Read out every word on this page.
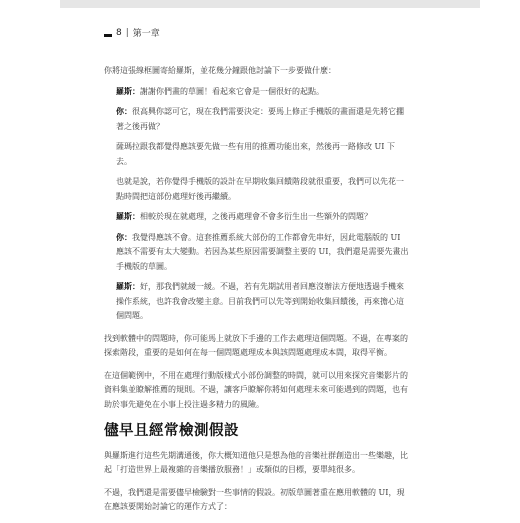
8 | 第一章

你將這張線框圖寄給羅斯，並花幾分鐘跟他討論下一步要做什麼：

羅斯：謝謝你們畫的草圖！看起來它會是一個很好的起點。

你：很高興你認可它，現在我們需要決定：要馬上修正手機版的畫面還是先將它擱著之後再做？

薩瑪拉跟我都覺得應該要先做一些有用的推薦功能出來，然後再一路修改 UI 下去。

也就是說，若你覺得手機版的設計在早期收集回饋階段就很重要，我們可以先花一點時間把這部份處理好後再繼續。

羅斯：相較於現在就處理，之後再處理會不會多衍生出一些額外的問題？

你：我覺得應該不會。這套推薦系統大部份的工作都會先串好，因此電腦版的 UI 應該不需要有太大變動。若因為某些原因需要調整主要的 UI，我們還是需要先畫出手機版的草圖。

羅斯：好，那我們就緩一緩。不過，若有先期試用者回應沒辦法方便地透過手機來操作系統，也許我會改變主意。目前我們可以先等到開始收集回饋後，再來擔心這個問題。

找到軟體中的問題時，你可能馬上就放下手邊的工作去處理這個問題。不過，在專案的探索階段，重要的是如何在每一個問題處理成本與該問題處理成本間，取得平衡。

在這個範例中，不用在處理行動版樣式小部份調整的時間，就可以用來探究音樂影片的資料集並瞭解推薦的規則。不過，讓客戶瞭解你將如何處理未來可能遇到的問題，也有助於事先避免在小事上投注過多精力的風險。

儘早且經常檢測假設

與羅斯進行這些先期溝通後，你大概知道他只是想為他的音樂社群創造出一些樂趣，比起「打造世界上最複雜的音樂播放服務！」或類似的目標，要單純很多。

不過，我們還是需要儘早檢驗對一些事情的假設。初版草圖著重在應用軟體的 UI，現在應該要開始討論它的運作方式了：
